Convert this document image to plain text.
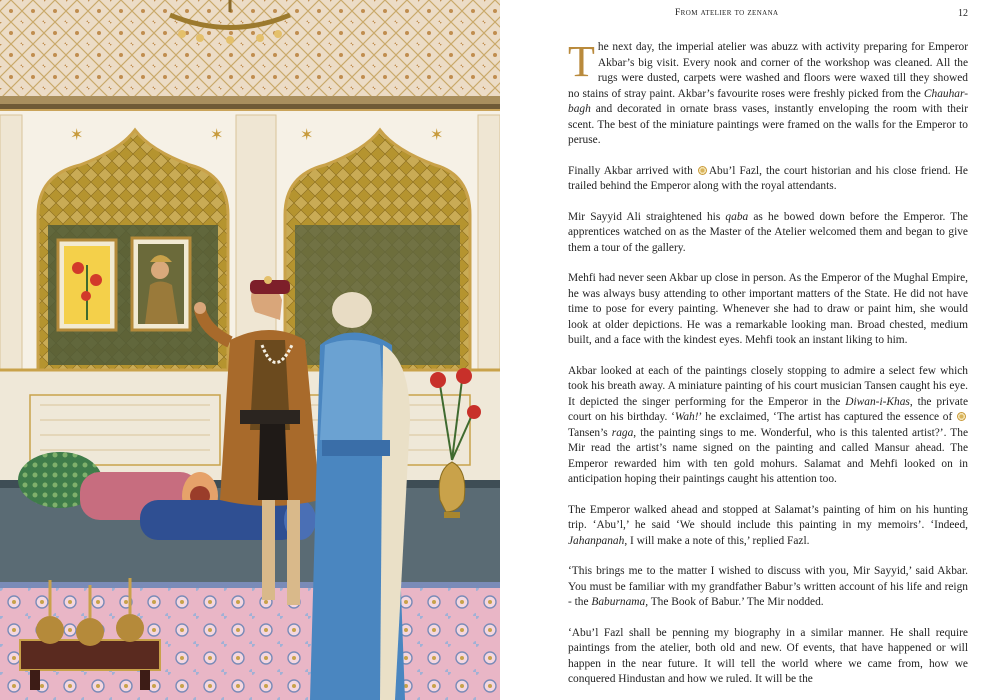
✶	✶	✶	✶
From atelier to zenana	12

The next day, the imperial atelier was abuzz with activity preparing for Emperor Akbar’s big visit. Every nook and corner of the workshop was cleaned. All the rugs were dusted, carpets were washed and floors were waxed till they showed no stains of stray paint. Akbar’s favourite roses were freshly picked from the Chauhar-bagh and decorated in ornate brass vases, instantly enveloping the room with their scent. The best of the miniature paintings were framed on the walls for the Emperor to peruse.

Finally Akbar arrived with Abu’l Fazl, the court historian and his close friend. He trailed behind the Emperor along with the royal attendants.

Mir Sayyid Ali straightened his qaba as he bowed down before the Emperor. The apprentices watched on as the Master of the Atelier welcomed them and began to give them a tour of the gallery.

Mehfi had never seen Akbar up close in person. As the Emperor of the Mughal Empire, he was always busy attending to other important matters of the State. He did not have time to pose for every painting. Whenever she had to draw or paint him, she would look at older depictions. He was a remarkable looking man. Broad chested, medium built, and a face with the kindest eyes. Mehfi took an instant liking to him.

Akbar looked at each of the paintings closely stopping to admire a select few which took his breath away. A miniature painting of his court musician Tansen caught his eye. It depicted the singer performing for the Emperor in the Diwan-i-Khas, the private court on his birthday. ‘Wah!’ he exclaimed, ‘The artist has captured the essence of Tansen’s raga, the painting sings to me. Wonderful, who is this talented artist?’. The Mir read the artist’s name signed on the painting and called Mansur ahead. The Emperor rewarded him with ten gold mohurs. Salamat and Mehfi looked on in anticipation hoping their paintings caught his attention too.

The Emperor walked ahead and stopped at Salamat’s painting of him on his hunting trip. ‘Abu’l,’ he said ‘We should include this painting in my memoirs’. ‘Indeed, Jahanpanah, I will make a note of this,’ replied Fazl.

‘This brings me to the matter I wished to discuss with you, Mir Sayyid,’ said Akbar. You must be familiar with my grandfather Babur’s written account of his life and reign - the Baburnama, The Book of Babur.’ The Mir nodded.

‘Abu’l Fazl shall be penning my biography in a similar manner. He shall require paintings from the atelier, both old and new. Of events, that have happened or will happen in the near future. It will tell the world where we came from, how we conquered Hindustan and how we ruled. It will be the
